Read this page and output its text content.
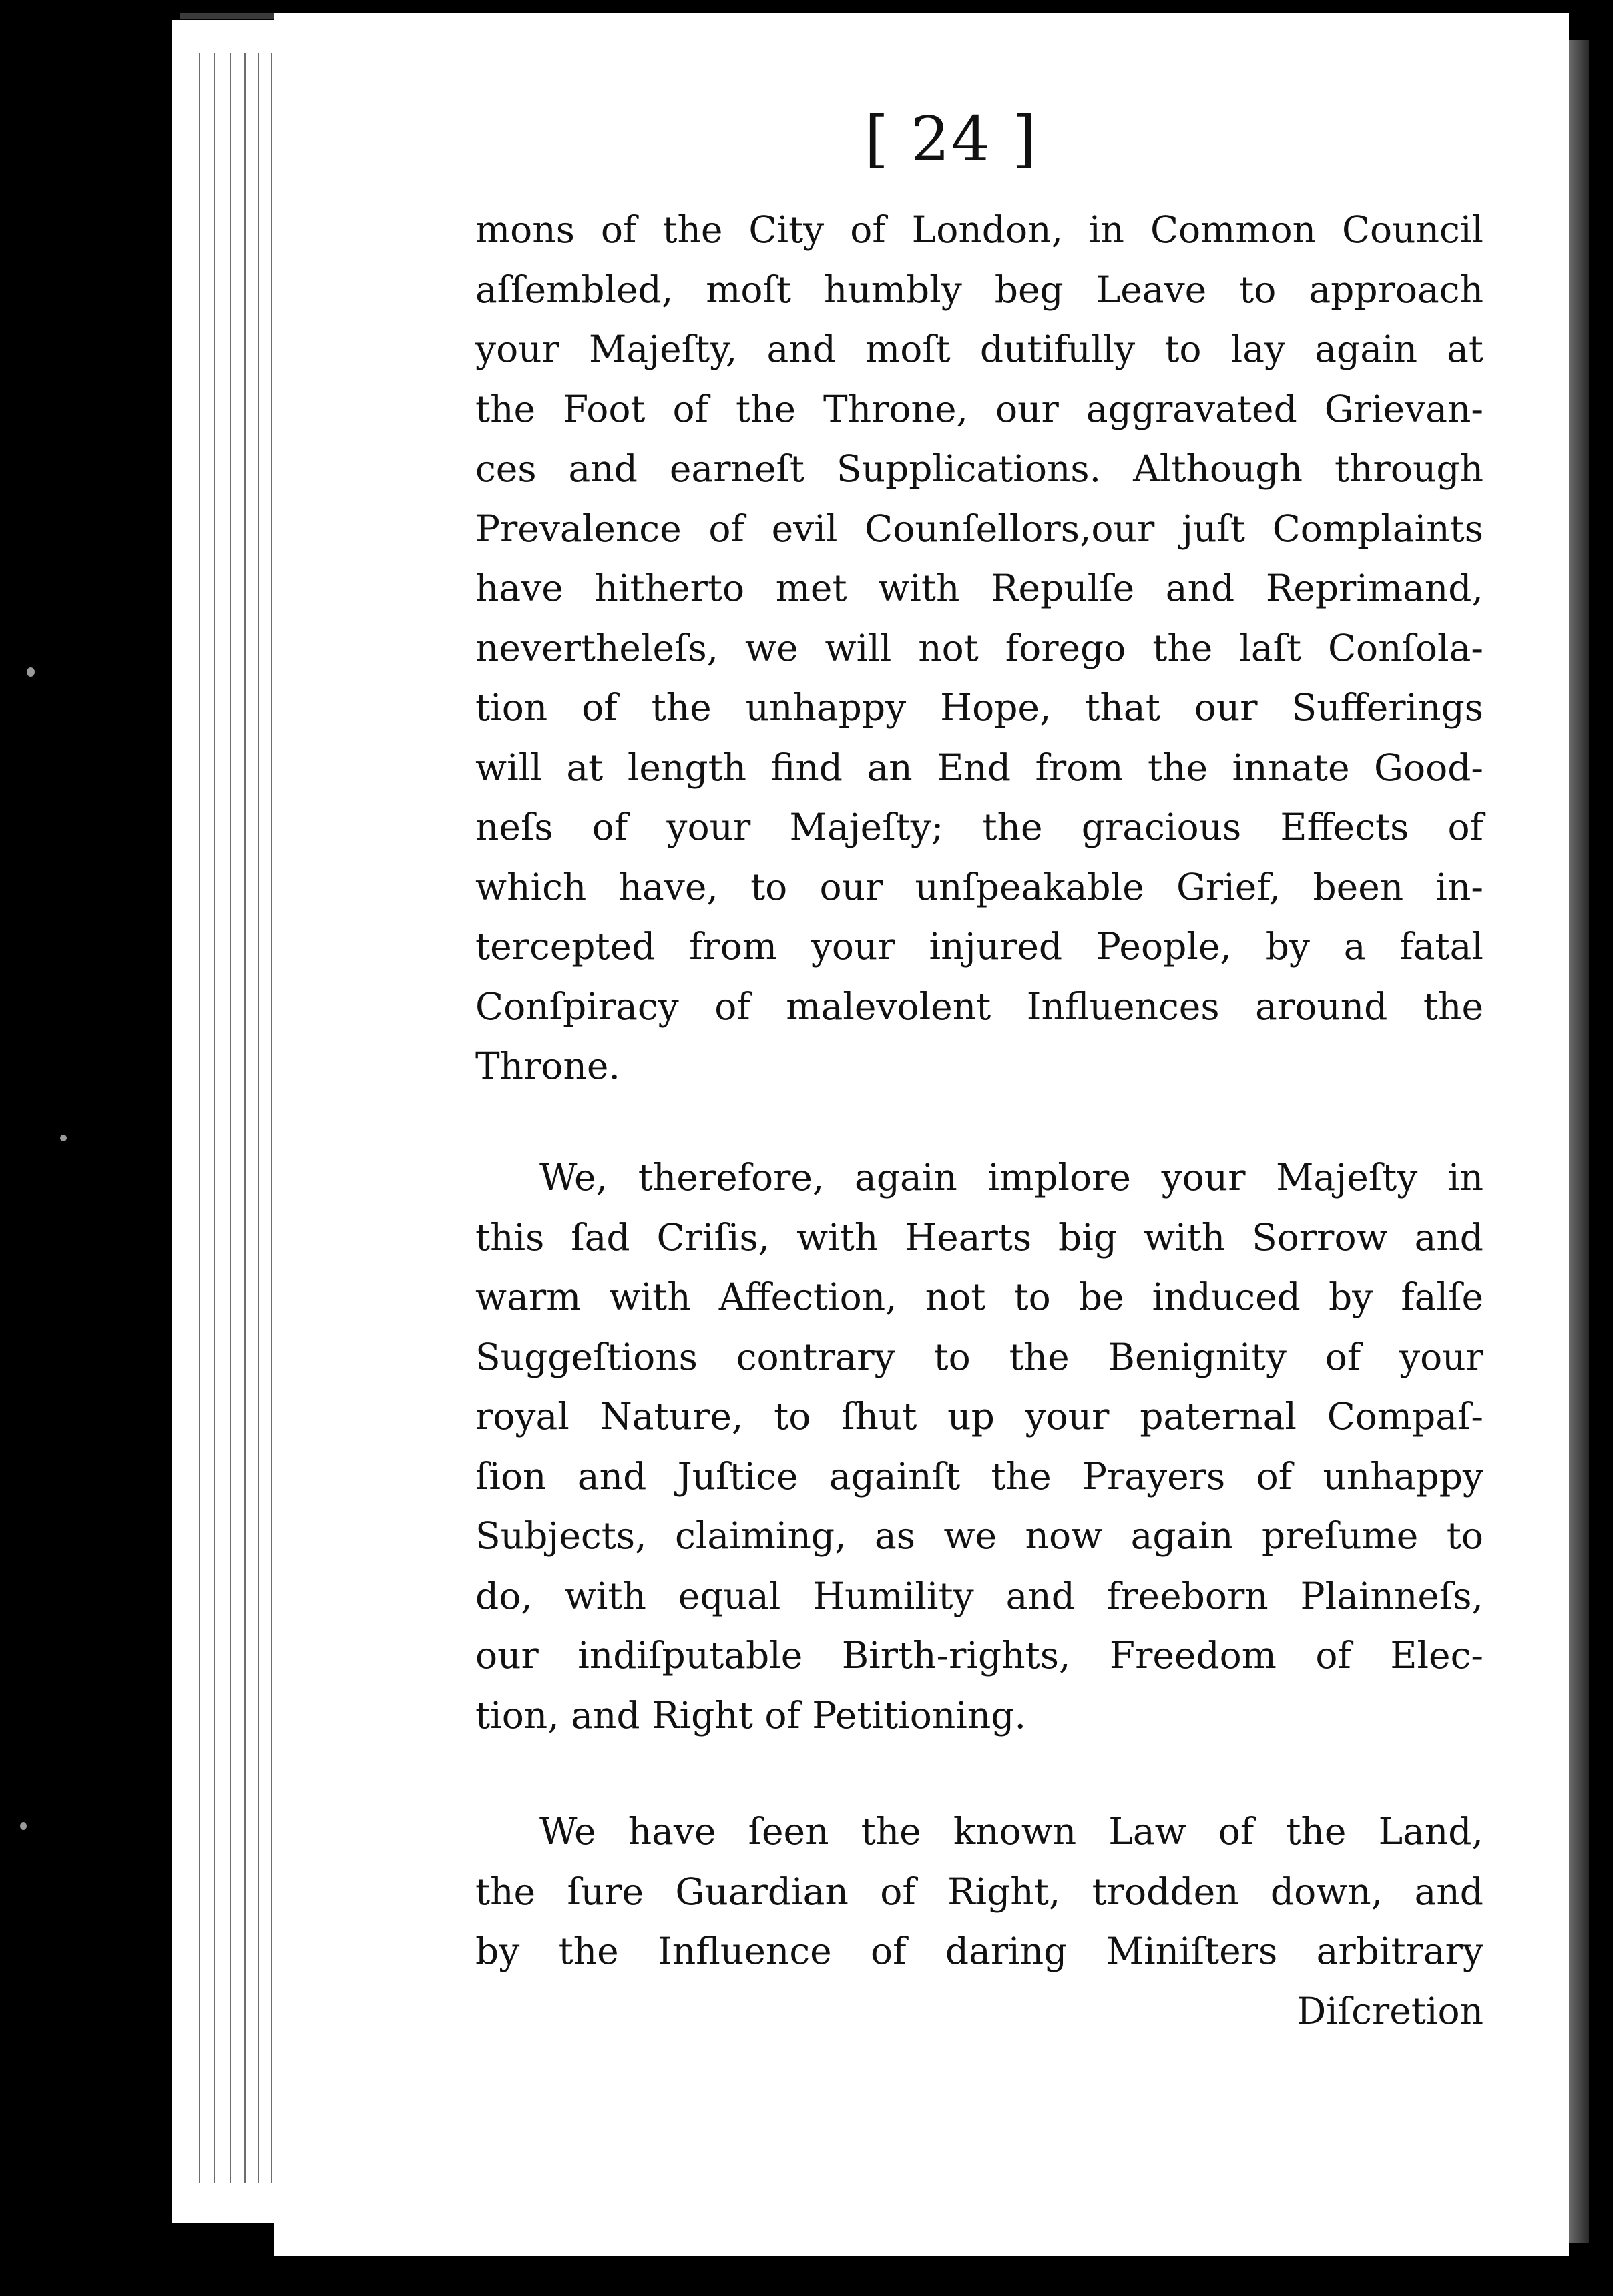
[ 24 ]
mons of the City of London, in Common Council
aſſembled, moſt humbly beg Leave to approach
your Majeſty, and moſt dutifully to lay again at
the Foot of the Throne, our aggravated Grievan-
ces and earneſt Supplications. Although through
Prevalence of evil Counſellors,our juſt Complaints
have hitherto met with Repulſe and Reprimand,
nevertheleſs, we will not forego the laſt Conſola-
tion of the unhappy Hope, that our Sufferings
will at length find an End from the innate Good-
neſs of your Majeſty; the gracious Effects of
which have, to our unſpeakable Grief, been in-
tercepted from your injured People, by a fatal
Conſpiracy of malevolent Influences around the
Throne.
We, therefore, again implore your Majeſty in
this ſad Criſis, with Hearts big with Sorrow and
warm with Affection, not to be induced by falſe
Suggeſtions contrary to the Benignity of your
royal Nature, to ſhut up your paternal Compaſ-
ſion and Juſtice againſt the Prayers of unhappy
Subjects, claiming, as we now again preſume to
do, with equal Humility and freeborn Plainneſs,
our indiſputable Birth-rights, Freedom of Elec-
tion, and Right of Petitioning.
We have ſeen the known Law of the Land,
the ſure Guardian of Right, trodden down, and
by the Influence of daring Miniſters arbitrary
Diſcretion
